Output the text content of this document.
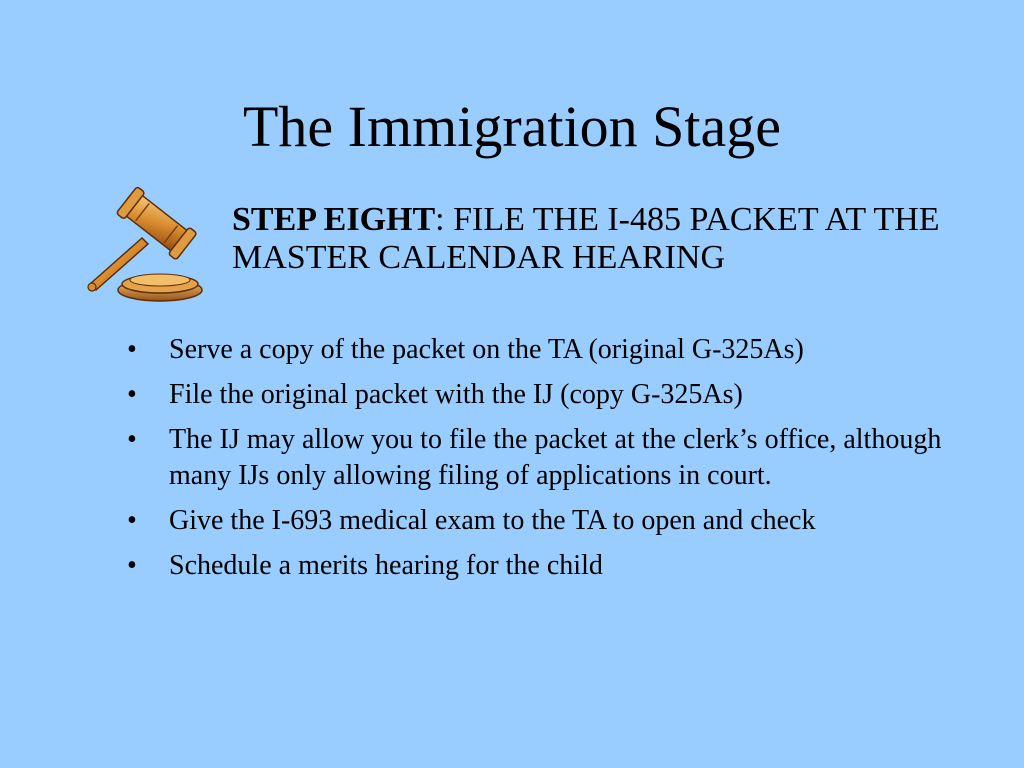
The Immigration Stage
STEP EIGHT: FILE THE I-485 PACKET AT THE MASTER CALENDAR HEARING
• Serve a copy of the packet on the TA (original G-325As)
• File the original packet with the IJ (copy G-325As)
• The IJ may allow you to file the packet at the clerk’s office, although many IJs only allowing filing of applications in court.
• Give the I-693 medical exam to the TA to open and check
• Schedule a merits hearing for the child
